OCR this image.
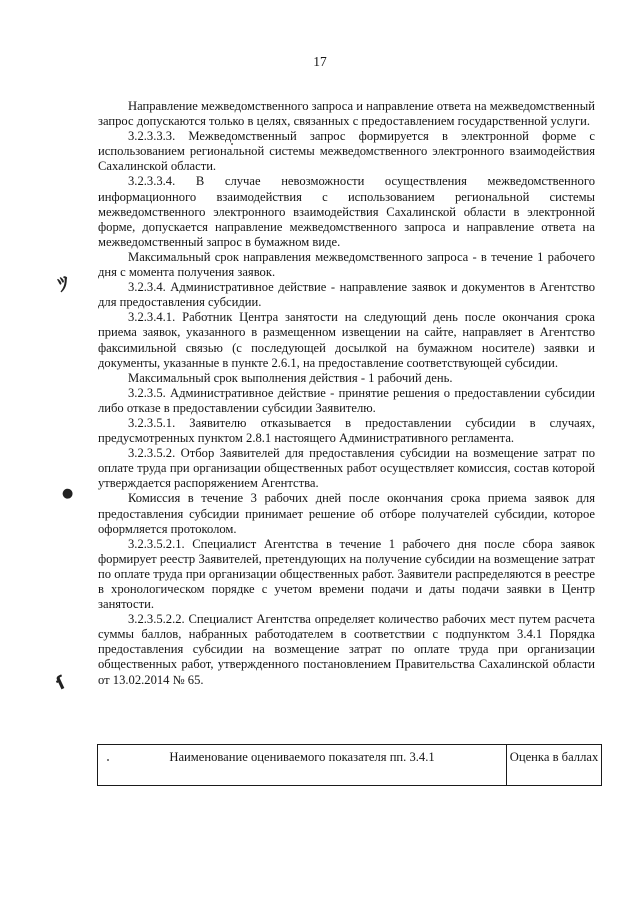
17
ﾂ
●
ſ

Направление межведомственного запроса и направление ответа на межведомственный запрос допускаются только в целях, связанных с предоставлением государственной услуги.

3.2.3.3.3. Межведомственный запрос формируется в электронной форме с использованием региональной системы межведомственного электронного взаимодействия Сахалинской области.

3.2.3.3.4. В случае невозможности осуществления межведомственного информационного взаимодействия с использованием региональной системы межведомственного электронного взаимодействия Сахалинской области в электронной форме, допускается направление межведомственного запроса и направление ответа на межведомственный запрос в бумажном виде.

Максимальный срок направления межведомственного запроса - в течение 1 рабочего дня с момента получения заявок.

3.2.3.4. Административное действие - направление заявок и документов в Агентство для предоставления субсидии.

3.2.3.4.1. Работник Центра занятости на следующий день после окончания срока приема заявок, указанного в размещенном извещении на сайте, направляет в Агентство факсимильной связью (с последующей досылкой на бумажном носителе) заявки и документы, указанные в пункте 2.6.1, на предоставление соответствующей субсидии.

Максимальный срок выполнения действия - 1 рабочий день.

3.2.3.5. Административное действие - принятие решения о предоставлении субсидии либо отказе в предоставлении субсидии Заявителю.

3.2.3.5.1. Заявителю отказывается в предоставлении субсидии в случаях, предусмотренных пунктом 2.8.1 настоящего Административного регламента.

3.2.3.5.2. Отбор Заявителей для предоставления субсидии на возмещение затрат по оплате труда при организации общественных работ осуществляет комиссия, состав которой утверждается распоряжением Агентства.

Комиссия в течение 3 рабочих дней после окончания срока приема заявок для предоставления субсидии принимает решение об отборе получателей субсидии, которое оформляется протоколом.

3.2.3.5.2.1. Специалист Агентства в течение 1 рабочего дня после сбора заявок формирует реестр Заявителей, претендующих на получение субсидии на возмещение затрат по оплате труда при организации общественных работ. Заявители распределяются в реестре в хронологическом порядке с учетом времени подачи и даты подачи заявки в Центр занятости.

3.2.3.5.2.2. Специалист Агентства определяет количество рабочих мест путем расчета суммы баллов, набранных работодателем в соответствии с подпунктом 3.4.1 Порядка предоставления субсидии на возмещение затрат по оплате труда при организации общественных работ, утвержденного постановлением Правительства Сахалинской области от 13.02.2014 № 65.

Наименование оцениваемого показателя пп. 3.4.1	Оценка в баллах
